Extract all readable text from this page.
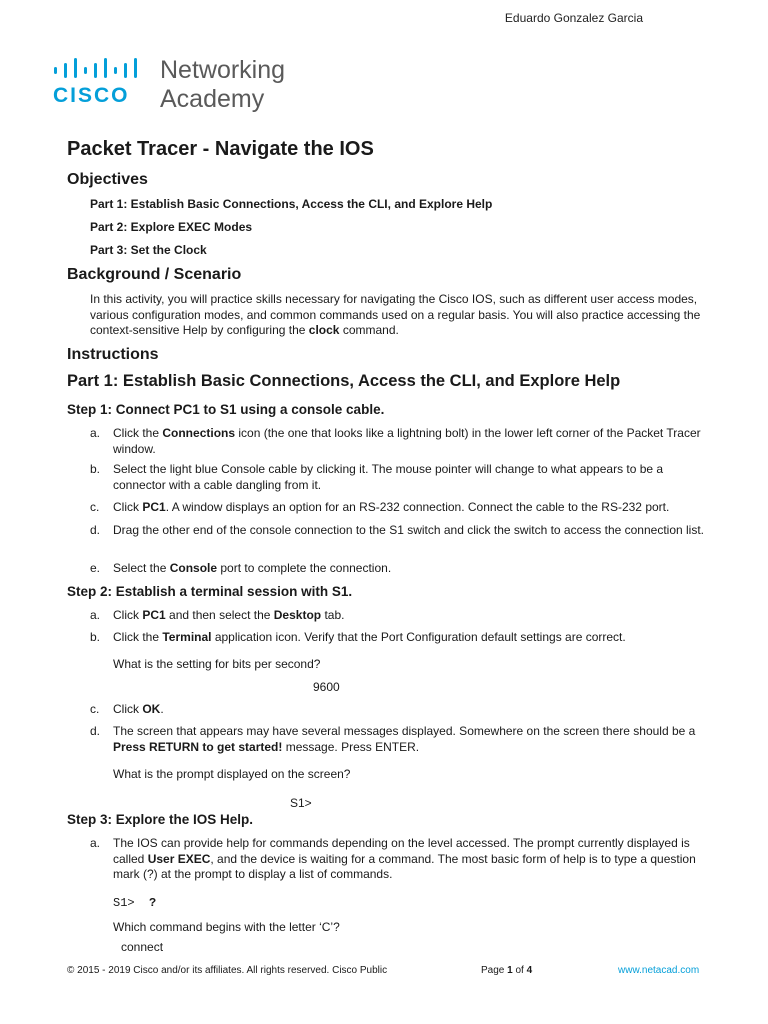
Eduardo Gonzalez Garcia
CISCO
Networking
Academy
Packet Tracer - Navigate the IOS
Objectives
Part 1: Establish Basic Connections, Access the CLI, and Explore Help
Part 2: Explore EXEC Modes
Part 3: Set the Clock
Background / Scenario
In this activity, you will practice skills necessary for navigating the Cisco IOS, such as different user access modes, various configuration modes, and common commands used on a regular basis. You will also practice accessing the context-sensitive Help by configuring the clock command.
Instructions
Part 1: Establish Basic Connections, Access the CLI, and Explore Help
Step 1: Connect PC1 to S1 using a console cable.
a. Click the Connections icon (the one that looks like a lightning bolt) in the lower left corner of the Packet Tracer window.
b. Select the light blue Console cable by clicking it. The mouse pointer will change to what appears to be a connector with a cable dangling from it.
c. Click PC1. A window displays an option for an RS-232 connection. Connect the cable to the RS-232 port.
d. Drag the other end of the console connection to the S1 switch and click the switch to access the connection list.
e. Select the Console port to complete the connection.
Step 2: Establish a terminal session with S1.
a. Click PC1 and then select the Desktop tab.
b. Click the Terminal application icon. Verify that the Port Configuration default settings are correct.
What is the setting for bits per second?
9600
c. Click OK.
d. The screen that appears may have several messages displayed. Somewhere on the screen there should be a Press RETURN to get started! message. Press ENTER.
What is the prompt displayed on the screen?
S1>
Step 3: Explore the IOS Help.
a. The IOS can provide help for commands depending on the level accessed. The prompt currently displayed is called User EXEC, and the device is waiting for a command. The most basic form of help is to type a question mark (?) at the prompt to display a list of commands.
S1> ?
Which command begins with the letter ‘C’?
connect
© 2015 - 2019 Cisco and/or its affiliates. All rights reserved. Cisco Public	Page 1 of 4	www.netacad.com
